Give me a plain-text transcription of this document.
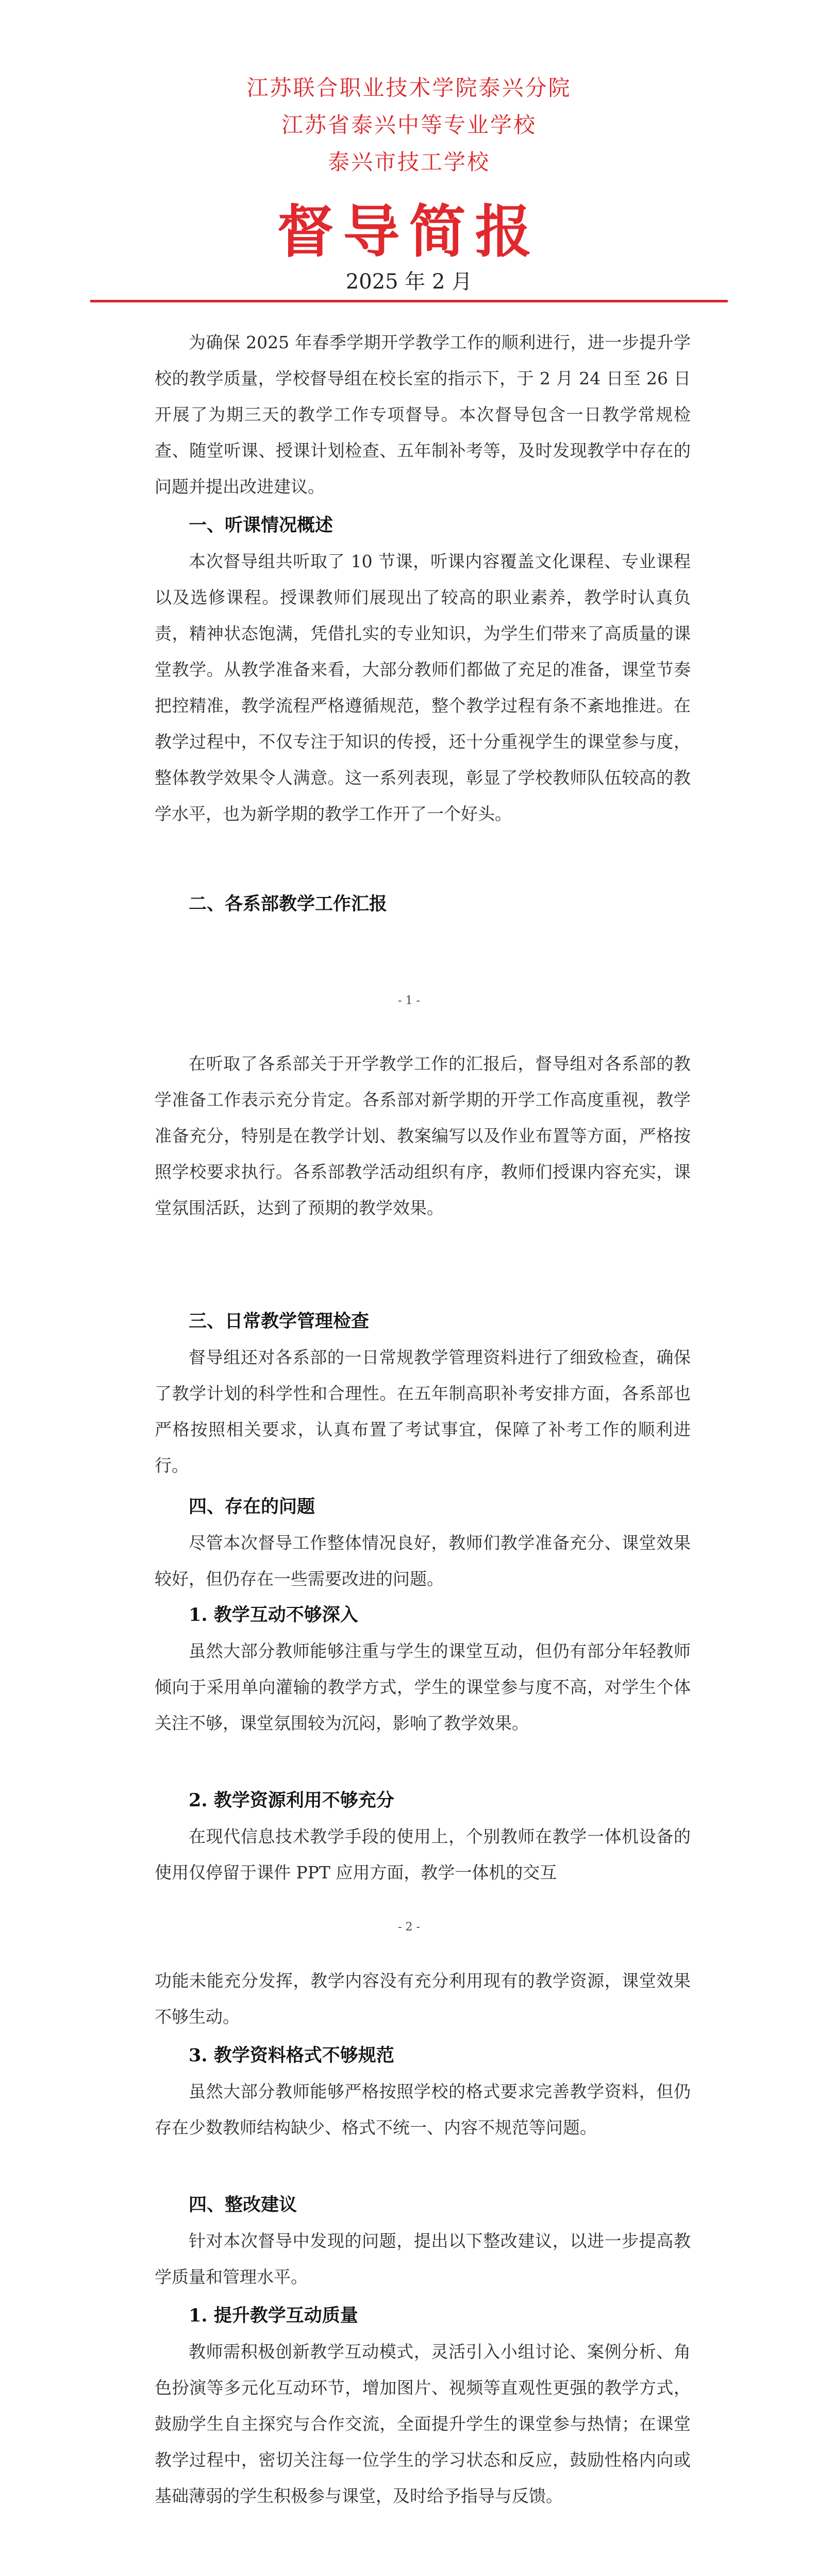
江苏联合职业技术学院泰兴分院
江苏省泰兴中等专业学校
泰兴市技工学校
督导简报
2025 年 2 月

为确保 2025 年春季学期开学教学工作的顺利进行，进一步提升学校的教学质量，学校督导组在校长室的指示下，于 2 月 24 日至 26 日开展了为期三天的教学工作专项督导。本次督导包含一日教学常规检查、随堂听课、授课计划检查、五年制补考等，及时发现教学中存在的问题并提出改进建议。

一、听课情况概述

本次督导组共听取了 10 节课，听课内容覆盖文化课程、专业课程以及选修课程。授课教师们展现出了较高的职业素养，教学时认真负责，精神状态饱满，凭借扎实的专业知识，为学生们带来了高质量的课堂教学。从教学准备来看，大部分教师们都做了充足的准备，课堂节奏把控精准，教学流程严格遵循规范，整个教学过程有条不紊地推进。在教学过程中，不仅专注于知识的传授，还十分重视学生的课堂参与度，整体教学效果令人满意。这一系列表现，彰显了学校教师队伍较高的教学水平，也为新学期的教学工作开了一个好头。

二、各系部教学工作汇报
- 1 -

在听取了各系部关于开学教学工作的汇报后，督导组对各系部的教学准备工作表示充分肯定。各系部对新学期的开学工作高度重视，教学准备充分，特别是在教学计划、教案编写以及作业布置等方面，严格按照学校要求执行。各系部教学活动组织有序，教师们授课内容充实，课堂氛围活跃，达到了预期的教学效果。

三、日常教学管理检查

督导组还对各系部的一日常规教学管理资料进行了细致检查，确保了教学计划的科学性和合理性。在五年制高职补考安排方面，各系部也严格按照相关要求，认真布置了考试事宜，保障了补考工作的顺利进行。

四、存在的问题

尽管本次督导工作整体情况良好，教师们教学准备充分、课堂效果较好，但仍存在一些需要改进的问题。

1. 教学互动不够深入

虽然大部分教师能够注重与学生的课堂互动，但仍有部分年轻教师倾向于采用单向灌输的教学方式，学生的课堂参与度不高，对学生个体关注不够，课堂氛围较为沉闷，影响了教学效果。

2. 教学资源利用不够充分

在现代信息技术教学手段的使用上，个别教师在教学一体机设备的使用仅停留于课件 PPT 应用方面，教学一体机的交互

- 2 -

功能未能充分发挥，教学内容没有充分利用现有的教学资源，课堂效果不够生动。

3. 教学资料格式不够规范

虽然大部分教师能够严格按照学校的格式要求完善教学资料，但仍存在少数教师结构缺少、格式不统一、内容不规范等问题。

四、整改建议

针对本次督导中发现的问题，提出以下整改建议，以进一步提高教学质量和管理水平。

1. 提升教学互动质量

教师需积极创新教学互动模式，灵活引入小组讨论、案例分析、角色扮演等多元化互动环节，增加图片、视频等直观性更强的教学方式，鼓励学生自主探究与合作交流，全面提升学生的课堂参与热情；在课堂教学过程中，密切关注每一位学生的学习状态和反应，鼓励性格内向或基础薄弱的学生积极参与课堂，及时给予指导与反馈。
